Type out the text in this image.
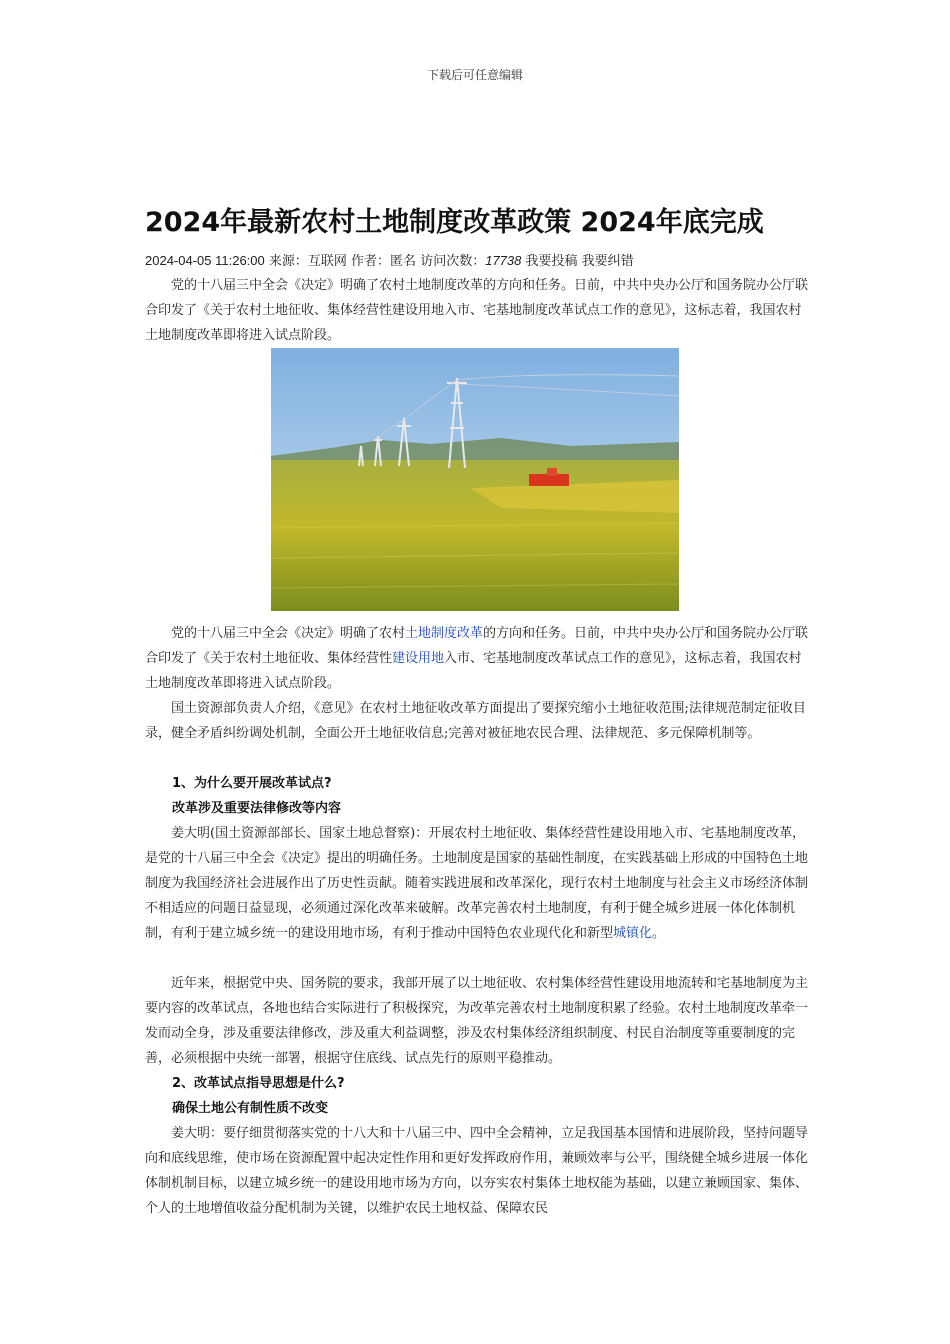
下载后可任意编辑
2024年最新农村土地制度改革政策 2024年底完成
2024-04-05 11:26:00 来源：互联网 作者：匿名 访问次数：17738 我要投稿 我要纠错

党的十八届三中全会《决定》明确了农村土地制度改革的方向和任务。日前，中共中央办公厅和国务院办公厅联合印发了《关于农村土地征收、集体经营性建设用地入市、宅基地制度改革试点工作的意见》，这标志着，我国农村土地制度改革即将进入试点阶段。

党的十八届三中全会《决定》明确了农村土地制度改革的方向和任务。日前，中共中央办公厅和国务院办公厅联合印发了《关于农村土地征收、集体经营性建设用地入市、宅基地制度改革试点工作的意见》，这标志着，我国农村土地制度改革即将进入试点阶段。

国土资源部负责人介绍，《意见》在农村土地征收改革方面提出了要探究缩小土地征收范围;法律规范制定征收目录，健全矛盾纠纷调处机制，全面公开土地征收信息;完善对被征地农民合理、法律规范、多元保障机制等。

1、为什么要开展改革试点?
改革涉及重要法律修改等内容

姜大明(国土资源部部长、国家土地总督察)：开展农村土地征收、集体经营性建设用地入市、宅基地制度改革，是党的十八届三中全会《决定》提出的明确任务。土地制度是国家的基础性制度，在实践基础上形成的中国特色土地制度为我国经济社会进展作出了历史性贡献。随着实践进展和改革深化，现行农村土地制度与社会主义市场经济体制不相适应的问题日益显现，必须通过深化改革来破解。改革完善农村土地制度，有利于健全城乡进展一体化体制机制，有利于建立城乡统一的建设用地市场，有利于推动中国特色农业现代化和新型城镇化。

近年来，根据党中央、国务院的要求，我部开展了以土地征收、农村集体经营性建设用地流转和宅基地制度为主要内容的改革试点，各地也结合实际进行了积极探究，为改革完善农村土地制度积累了经验。农村土地制度改革牵一发而动全身，涉及重要法律修改，涉及重大利益调整，涉及农村集体经济组织制度、村民自治制度等重要制度的完善，必须根据中央统一部署，根据守住底线、试点先行的原则平稳推动。

2、改革试点指导思想是什么?
确保土地公有制性质不改变

姜大明：要仔细贯彻落实党的十八大和十八届三中、四中全会精神，立足我国基本国情和进展阶段，坚持问题导向和底线思维，使市场在资源配置中起决定性作用和更好发挥政府作用，兼顾效率与公平，围绕健全城乡进展一体化体制机制目标，以建立城乡统一的建设用地市场为方向，以夯实农村集体土地权能为基础，以建立兼顾国家、集体、个人的土地增值收益分配机制为关键，以维护农民土地权益、保障农民
